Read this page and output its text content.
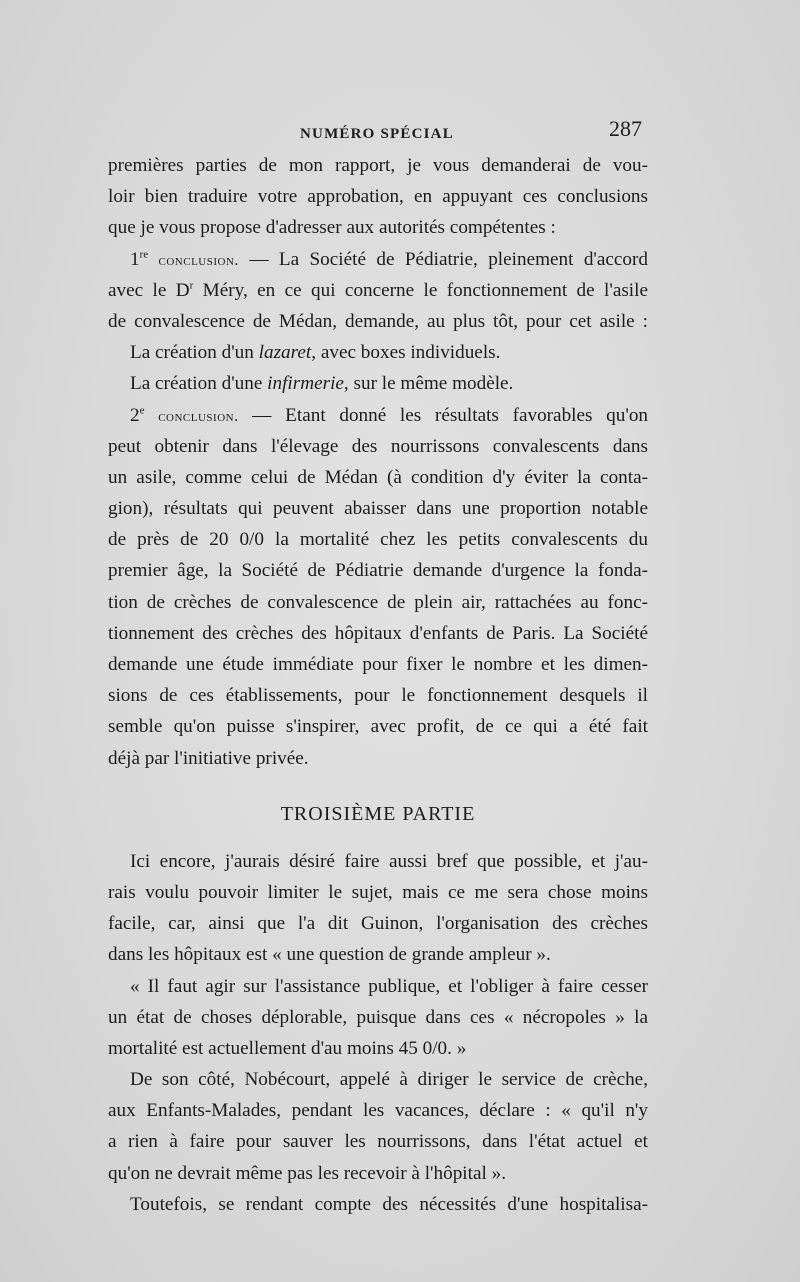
NUMÉRO SPÉCIAL	287
premières parties de mon rapport, je vous demanderai de vou-
loir bien traduire votre approbation, en appuyant ces conclusions
que je vous propose d'adresser aux autorités compétentes :
1re conclusion. — La Société de Pédiatrie, pleinement d'accord
avec le $D^r$ Méry, en ce qui concerne le fonctionnement de l'asile
de convalescence de Médan, demande, au plus tôt, pour cet asile :
La création d'un lazaret, avec boxes individuels.
La création d'une infirmerie, sur le même modèle.
2e conclusion. — Etant donné les résultats favorables qu'on
peut obtenir dans l'élevage des nourrissons convalescents dans
un asile, comme celui de Médan (à condition d'y éviter la conta-
gion), résultats qui peuvent abaisser dans une proportion notable
de près de 20 0/0 la mortalité chez les petits convalescents du
premier âge, la Société de Pédiatrie demande d'urgence la fonda-
tion de crèches de convalescence de plein air, rattachées au fonc-
tionnement des crèches des hôpitaux d'enfants de Paris. La Société
demande une étude immédiate pour fixer le nombre et les dimen-
sions de ces établissements, pour le fonctionnement desquels il
semble qu'on puisse s'inspirer, avec profit, de ce qui a été fait
déjà par l'initiative privée.
TROISIÈME PARTIE
Ici encore, j'aurais désiré faire aussi bref que possible, et j'au-
rais voulu pouvoir limiter le sujet, mais ce me sera chose moins
facile, car, ainsi que l'a dit Guinon, l'organisation des crèches
dans les hôpitaux est « une question de grande ampleur ».
« Il faut agir sur l'assistance publique, et l'obliger à faire cesser
un état de choses déplorable, puisque dans ces « nécropoles » la
mortalité est actuellement d'au moins 45 0/0. »
De son côté, Nobécourt, appelé à diriger le service de crèche,
aux Enfants-Malades, pendant les vacances, déclare : « qu'il n'y
a rien à faire pour sauver les nourrissons, dans l'état actuel et
qu'on ne devrait même pas les recevoir à l'hôpital ».
Toutefois, se rendant compte des nécessités d'une hospitalisa-
